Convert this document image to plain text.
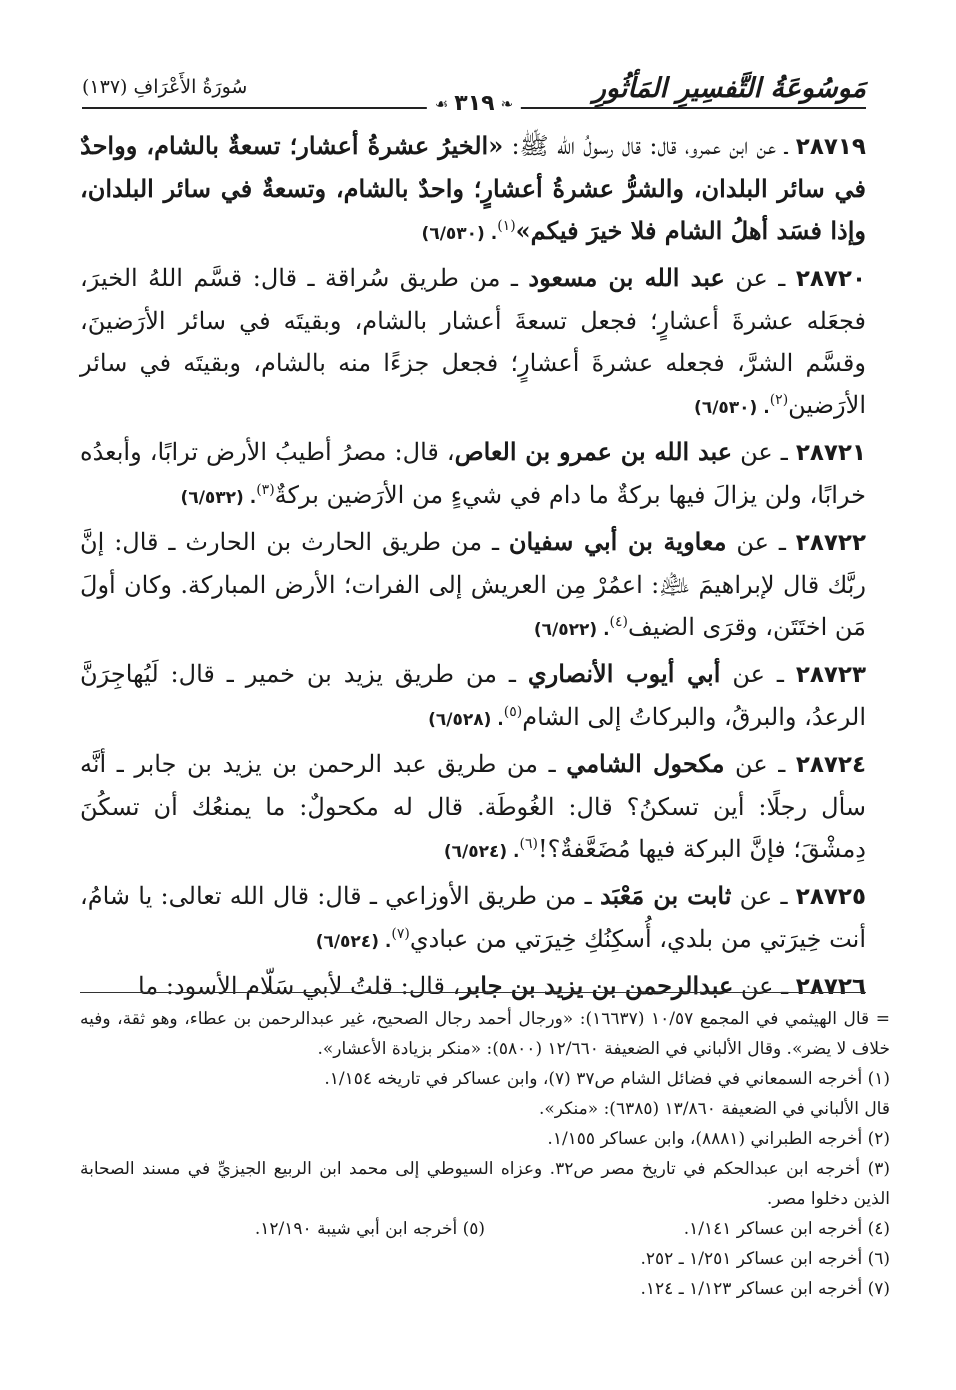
مَوسُوعَةُ التَّفسِيرِ المَأثُورِ
❧
٣١٩
☙
سُورَةُ الأَعْرَافِ (١٣٧)

٢٨٧١٩ ـ عن ابن عمرو، قال: قال رسولُ الله ﷺ: «الخيرُ عشرةُ أعشار؛ تسعةٌ بالشام، وواحدٌ في سائر البلدان، والشرُّ عشرةُ أعشارٍ؛ واحدٌ بالشام، وتسعةٌ في سائر البلدان، وإذا فسَد أهلُ الشام فلا خيرَ فيكم»$^{(١)}$. (٦/٥٣٠)

٢٨٧٢٠ ـ عن عبد الله بن مسعود ـ من طريق سُراقة ـ قال: قسَّم اللهُ الخيرَ، فجعَله عشرةَ أعشارٍ؛ فجعل تسعةَ أعشار بالشام، وبقيتَه في سائر الأرَضينَ، وقسَّم الشرَّ، فجعله عشرةَ أعشارٍ؛ فجعل جزءًا منه بالشام، وبقيتَه في سائر الأرَضين$^{(٢)}$. (٦/٥٣٠)

٢٨٧٢١ ـ عن عبد الله بن عمرو بن العاص، قال: مصرُ أطيبُ الأرض ترابًا، وأبعدُه خرابًا، ولن يزالَ فيها بركةٌ ما دام في شيءٍ من الأرَضين بركةٌ$^{(٣)}$. (٦/٥٣٢)

٢٨٧٢٢ ـ عن معاوية بن أبي سفيان ـ من طريق الحارث بن الحارث ـ قال: إنَّ ربَّك قال لإبراهيمَ ﵇: اعمُرْ مِن العريش إلى الفرات؛ الأرض المباركة. وكان أولَ مَن اختَتَن، وقرَى الضيف$^{(٤)}$. (٦/٥٢٢)

٢٨٧٢٣ ـ عن أبي أيوب الأنصاري ـ من طريق يزيد بن خمير ـ قال: لَيُهاجِرَنَّ الرعدُ، والبرقُ، والبركاتُ إلى الشام$^{(٥)}$. (٦/٥٢٨)

٢٨٧٢٤ ـ عن مكحول الشامي ـ من طريق عبد الرحمن بن يزيد بن جابر ـ أنَّه سأل رجلًا: أين تسكنُ؟ قال: الغُوطَة. قال له مكحولٌ: ما يمنعُك أن تسكُنَ دِمشْقَ؛ فإنَّ البركة فيها مُضَعَّفةٌ؟!$^{(٦)}$. (٦/٥٢٤)

٢٨٧٢٥ ـ عن ثابت بن مَعْبَد ـ من طريق الأوزاعي ـ قال: قال الله تعالى: يا شامُ، أنت خِيرَتي من بلدي، أُسكِنُكِ خِيرَتي من عبادي$^{(٧)}$. (٦/٥٢٤)

٢٨٧٢٦ ـ عن عبدالرحمن بن يزيد بن جابر، قال: قلتُ لأبي سَلّام الأسود: ما

= قال الهيثمي في المجمع ١٠/٥٧ (١٦٦٣٧): «ورجال أحمد رجال الصحيح، غير عبدالرحمن بن عطاء، وهو ثقة، وفيه خلاف لا يضر». وقال الألباني في الضعيفة ١٢/٦٦٠ (٥٨٠٠): «منكر بزيادة الأعشار».

(١) أخرجه السمعاني في فضائل الشام ص٣٧ (٧)، وابن عساكر في تاريخه ١/١٥٤.

قال الألباني في الضعيفة ١٣/٨٦٠ (٦٣٨٥): «منكر».

(٢) أخرجه الطبراني (٨٨٨١)، وابن عساكر ١/١٥٥.

(٣) أخرجه ابن عبدالحكم في تاريخ مصر ص٣٢. وعزاه السيوطي إلى محمد ابن الربيع الجيزيِّ في مسند الصحابة الذين دخلوا مصر.

(٤) أخرجه ابن عساكر ١/١٤١.
(٥) أخرجه ابن أبي شيبة ١٢/١٩٠.

(٦) أخرجه ابن عساكر ١/٢٥١ ـ ٢٥٢.

(٧) أخرجه ابن عساكر ١/١٢٣ ـ ١٢٤.
